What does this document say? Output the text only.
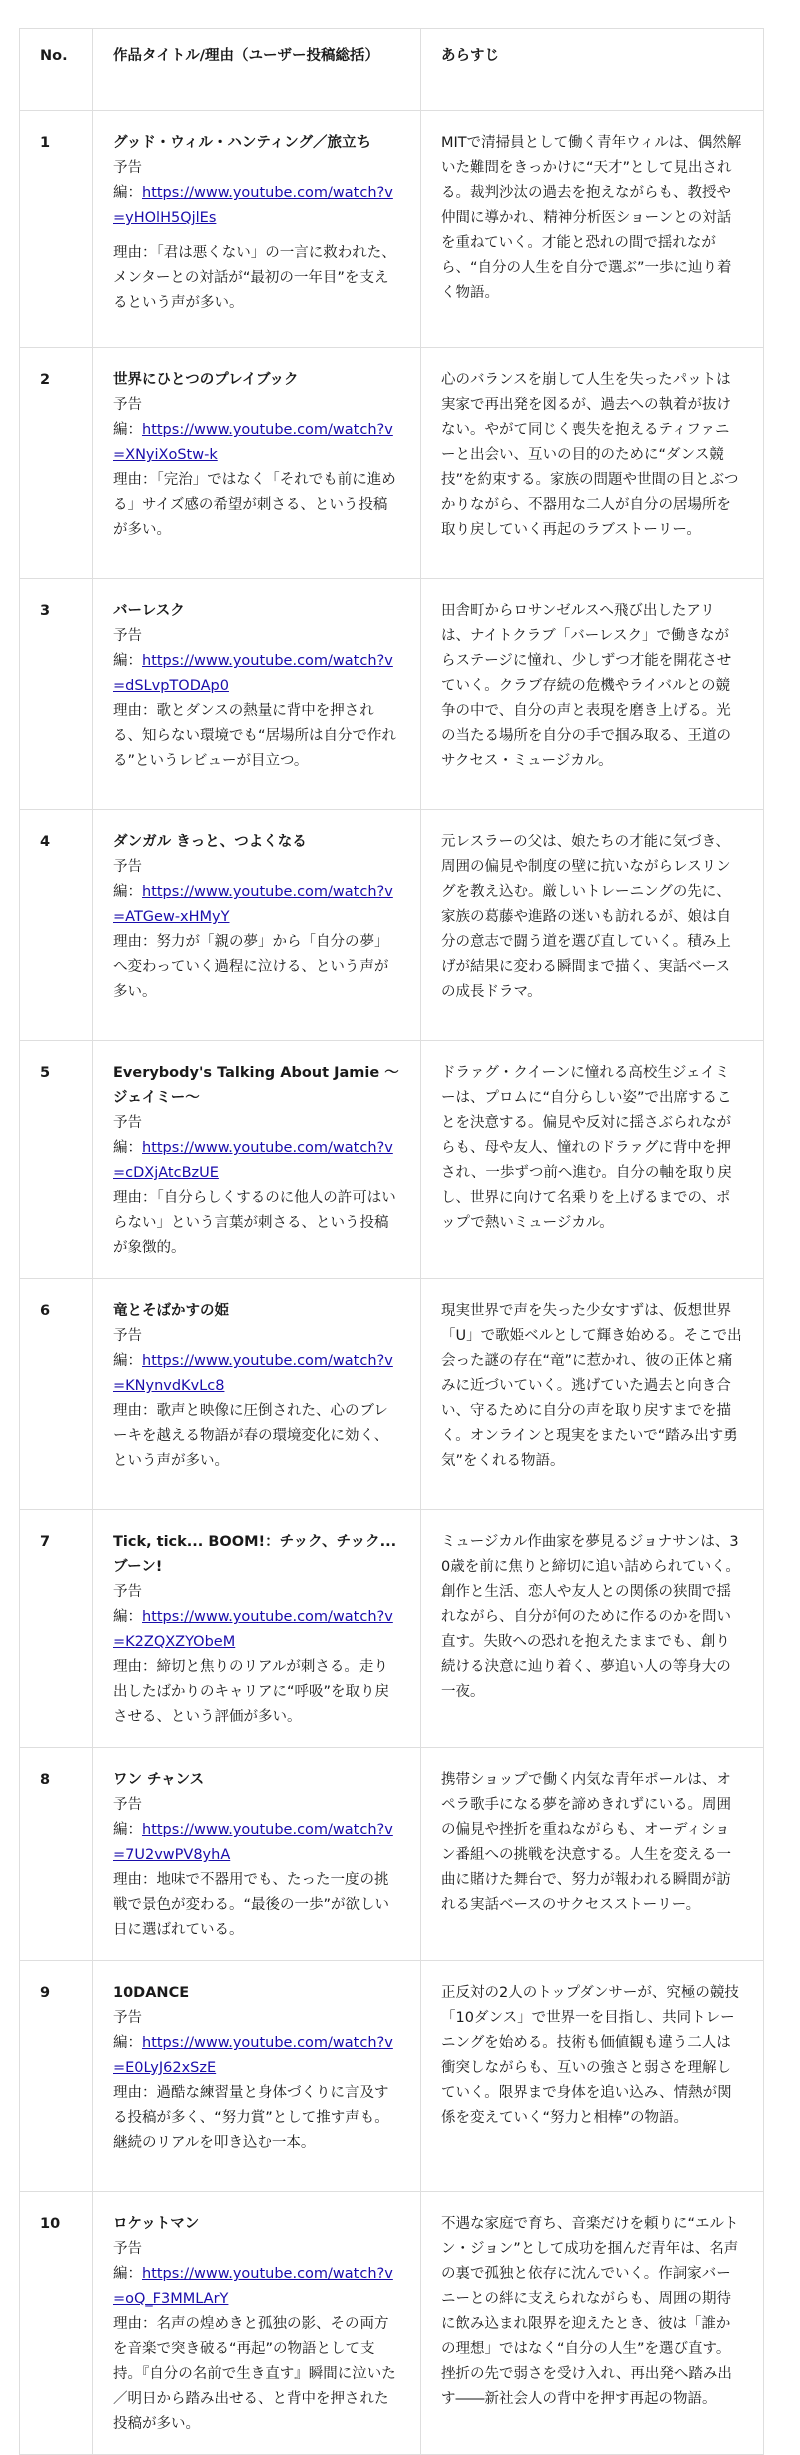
No.	作品タイトル/理由（ユーザー投稿総括）	あらすじ
1	グッド・ウィル・ハンティング／旅立ち
予告
編：https://www.youtube.com/watch?v=yHOlH5QjlEs
理由：「君は悪くない」の一言に救われた、メンターとの対話が“最初の一年目”を支えるという声が多い。	MITで清掃員として働く青年ウィルは、偶然解いた難問をきっかけに“天才”として見出される。裁判沙汰の過去を抱えながらも、教授や仲間に導かれ、精神分析医ショーンとの対話を重ねていく。才能と恐れの間で揺れながら、“自分の人生を自分で選ぶ”一歩に辿り着く物語。
2	世界にひとつのプレイブック
予告
編：https://www.youtube.com/watch?v=XNyiXoStw-k
理由：「完治」ではなく「それでも前に進める」サイズ感の希望が刺さる、という投稿が多い。	心のバランスを崩して人生を失ったパットは実家で再出発を図るが、過去への執着が抜けない。やがて同じく喪失を抱えるティファニーと出会い、互いの目的のために“ダンス競技”を約束する。家族の問題や世間の目とぶつかりながら、不器用な二人が自分の居場所を取り戻していく再起のラブストーリー。
3	バーレスク
予告
編：https://www.youtube.com/watch?v=dSLvpTODAp0
理由：歌とダンスの熱量に背中を押される、知らない環境でも“居場所は自分で作れる”というレビューが目立つ。	田舎町からロサンゼルスへ飛び出したアリは、ナイトクラブ「バーレスク」で働きながらステージに憧れ、少しずつ才能を開花させていく。クラブ存続の危機やライバルとの競争の中で、自分の声と表現を磨き上げる。光の当たる場所を自分の手で掴み取る、王道のサクセス・ミュージカル。
4	ダンガル きっと、つよくなる
予告
編：https://www.youtube.com/watch?v=ATGew-xHMyY
理由：努力が「親の夢」から「自分の夢」へ変わっていく過程に泣ける、という声が多い。	元レスラーの父は、娘たちの才能に気づき、周囲の偏見や制度の壁に抗いながらレスリングを教え込む。厳しいトレーニングの先に、家族の葛藤や進路の迷いも訪れるが、娘は自分の意志で闘う道を選び直していく。積み上げが結果に変わる瞬間まで描く、実話ベースの成長ドラマ。
5	Everybody's Talking About Jamie ～ジェイミー～
予告
編：https://www.youtube.com/watch?v=cDXjAtcBzUE
理由：「自分らしくするのに他人の許可はいらない」という言葉が刺さる、という投稿が象徴的。	ドラァグ・クイーンに憧れる高校生ジェイミーは、プロムに“自分らしい姿”で出席することを決意する。偏見や反対に揺さぶられながらも、母や友人、憧れのドラァグに背中を押され、一歩ずつ前へ進む。自分の軸を取り戻し、世界に向けて名乗りを上げるまでの、ポップで熱いミュージカル。
6	竜とそばかすの姫
予告
編：https://www.youtube.com/watch?v=KNynvdKvLc8
理由：歌声と映像に圧倒された、心のブレーキを越える物語が春の環境変化に効く、という声が多い。	現実世界で声を失った少女すずは、仮想世界「U」で歌姫ベルとして輝き始める。そこで出会った謎の存在“竜”に惹かれ、彼の正体と痛みに近づいていく。逃げていた過去と向き合い、守るために自分の声を取り戻すまでを描く。オンラインと現実をまたいで“踏み出す勇気”をくれる物語。
7	Tick, tick... BOOM!：チック、チック...ブーン!
予告
編：https://www.youtube.com/watch?v=K2ZQXZYObeM
理由：締切と焦りのリアルが刺さる。走り出したばかりのキャリアに“呼吸”を取り戻させる、という評価が多い。	ミュージカル作曲家を夢見るジョナサンは、30歳を前に焦りと締切に追い詰められていく。創作と生活、恋人や友人との関係の狭間で揺れながら、自分が何のために作るのかを問い直す。失敗への恐れを抱えたままでも、創り続ける決意に辿り着く、夢追い人の等身大の一夜。
8	ワン チャンス
予告
編：https://www.youtube.com/watch?v=7U2vwPV8yhA
理由：地味で不器用でも、たった一度の挑戦で景色が変わる。“最後の一歩”が欲しい日に選ばれている。	携帯ショップで働く内気な青年ポールは、オペラ歌手になる夢を諦めきれずにいる。周囲の偏見や挫折を重ねながらも、オーディション番組への挑戦を決意する。人生を変える一曲に賭けた舞台で、努力が報われる瞬間が訪れる実話ベースのサクセスストーリー。
9	10DANCE
予告
編：https://www.youtube.com/watch?v=E0LyJ62xSzE
理由：過酷な練習量と身体づくりに言及する投稿が多く、“努力賞”として推す声も。継続のリアルを叩き込む一本。	正反対の2人のトップダンサーが、究極の競技「10ダンス」で世界一を目指し、共同トレーニングを始める。技術も価値観も違う二人は衝突しながらも、互いの強さと弱さを理解していく。限界まで身体を追い込み、情熱が関係を変えていく“努力と相棒”の物語。
10	ロケットマン
予告
編：https://www.youtube.com/watch?v=oQ_F3MMLArY
理由：名声の煌めきと孤独の影、その両方を音楽で突き破る“再起”の物語として支持。『自分の名前で生き直す』瞬間に泣いた／明日から踏み出せる、と背中を押された投稿が多い。	不遇な家庭で育ち、音楽だけを頼りに“エルトン・ジョン”として成功を掴んだ青年は、名声の裏で孤独と依存に沈んでいく。作詞家バーニーとの絆に支えられながらも、周囲の期待に飲み込まれ限界を迎えたとき、彼は「誰かの理想」ではなく“自分の人生”を選び直す。挫折の先で弱さを受け入れ、再出発へ踏み出す――新社会人の背中を押す再起の物語。
